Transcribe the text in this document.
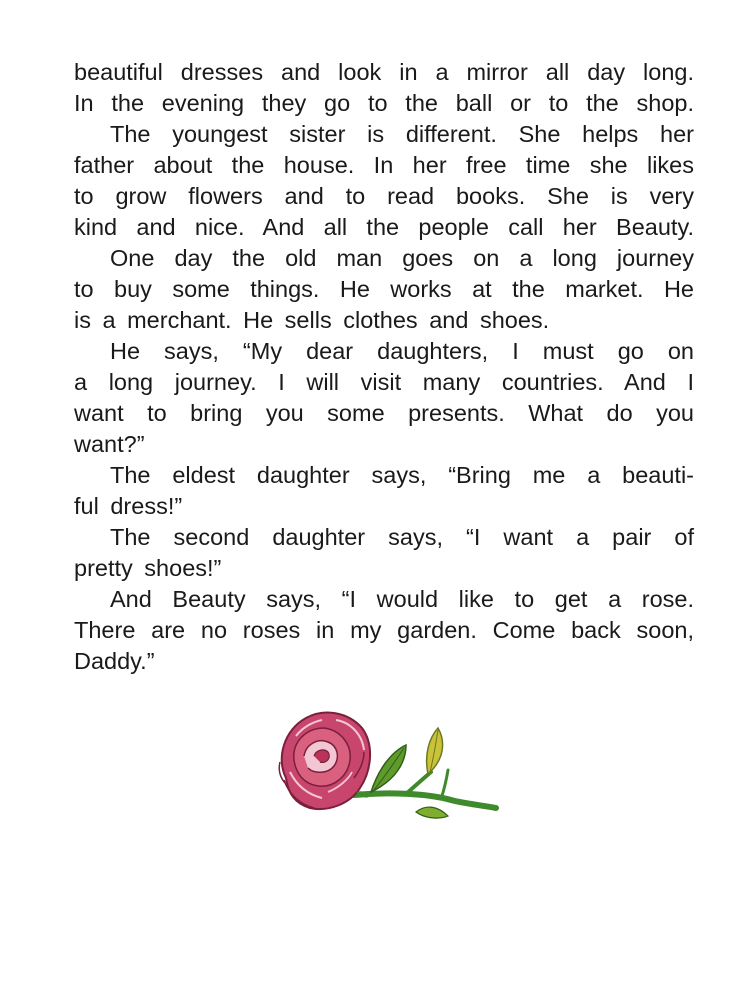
beautiful dresses and look in a mirror all day long.
In the evening they go to the ball or to the shop.
The youngest sister is different. She helps her
father about the house. In her free time she likes
to grow flowers and to read books. She is very
kind and nice. And all the people call her Beauty.
One day the old man goes on a long journey
to buy some things. He works at the market. He
is a merchant. He sells clothes and shoes.
He says, “My dear daughters, I must go on
a long journey. I will visit many countries. And I
want to bring you some presents. What do you
want?”
The eldest daughter says, “Bring me a beauti-
ful dress!”
The second daughter says, “I want a pair of
pretty shoes!”
And Beauty says, “I would like to get a rose.
There are no roses in my garden. Come back soon,
Daddy.”
